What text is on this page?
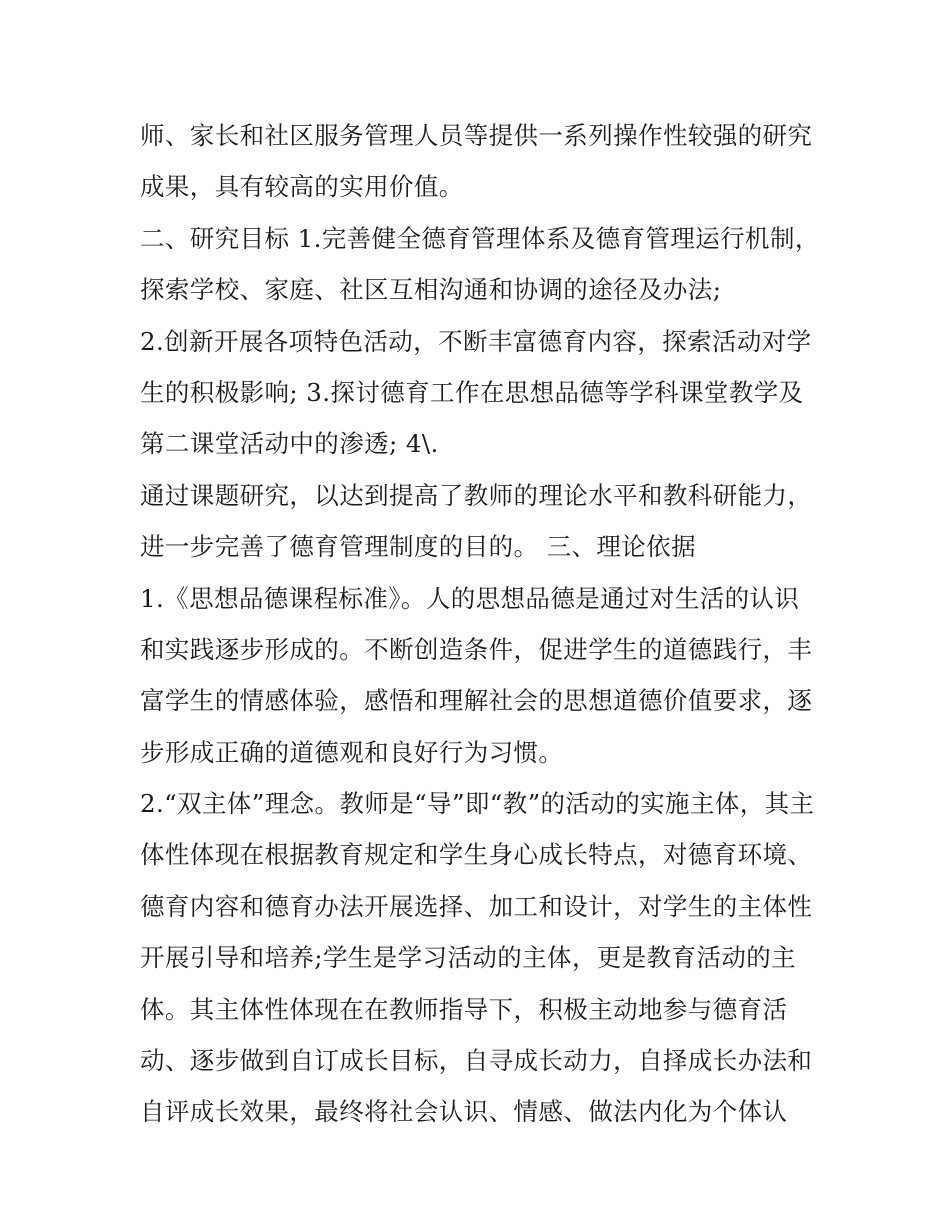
师、家长和社区服务管理人员等提供一系列操作性较强的研究
成果，具有较高的实用价值。
二、研究目标 1.完善健全德育管理体系及德育管理运行机制，
探索学校、家庭、社区互相沟通和协调的途径及办法;
2.创新开展各项特色活动，不断丰富德育内容，探索活动对学
生的积极影响; 3.探讨德育工作在思想品德等学科课堂教学及
第二课堂活动中的渗透; 4\.
通过课题研究，以达到提高了教师的理论水平和教科研能力，
进一步完善了德育管理制度的目的。 三、理论依据
1.《思想品德课程标准》。人的思想品德是通过对生活的认识
和实践逐步形成的。不断创造条件，促进学生的道德践行，丰
富学生的情感体验，感悟和理解社会的思想道德价值要求，逐
步形成正确的道德观和良好行为习惯。
2.“双主体”理念。教师是“导”即“教”的活动的实施主体，其主
体性体现在根据教育规定和学生身心成长特点，对德育环境、
德育内容和德育办法开展选择、加工和设计，对学生的主体性
开展引导和培养;学生是学习活动的主体，更是教育活动的主
体。其主体性体现在在教师指导下，积极主动地参与德育活
动、逐步做到自订成长目标，自寻成长动力，自择成长办法和
自评成长效果，最终将社会认识、情感、做法内化为个体认
